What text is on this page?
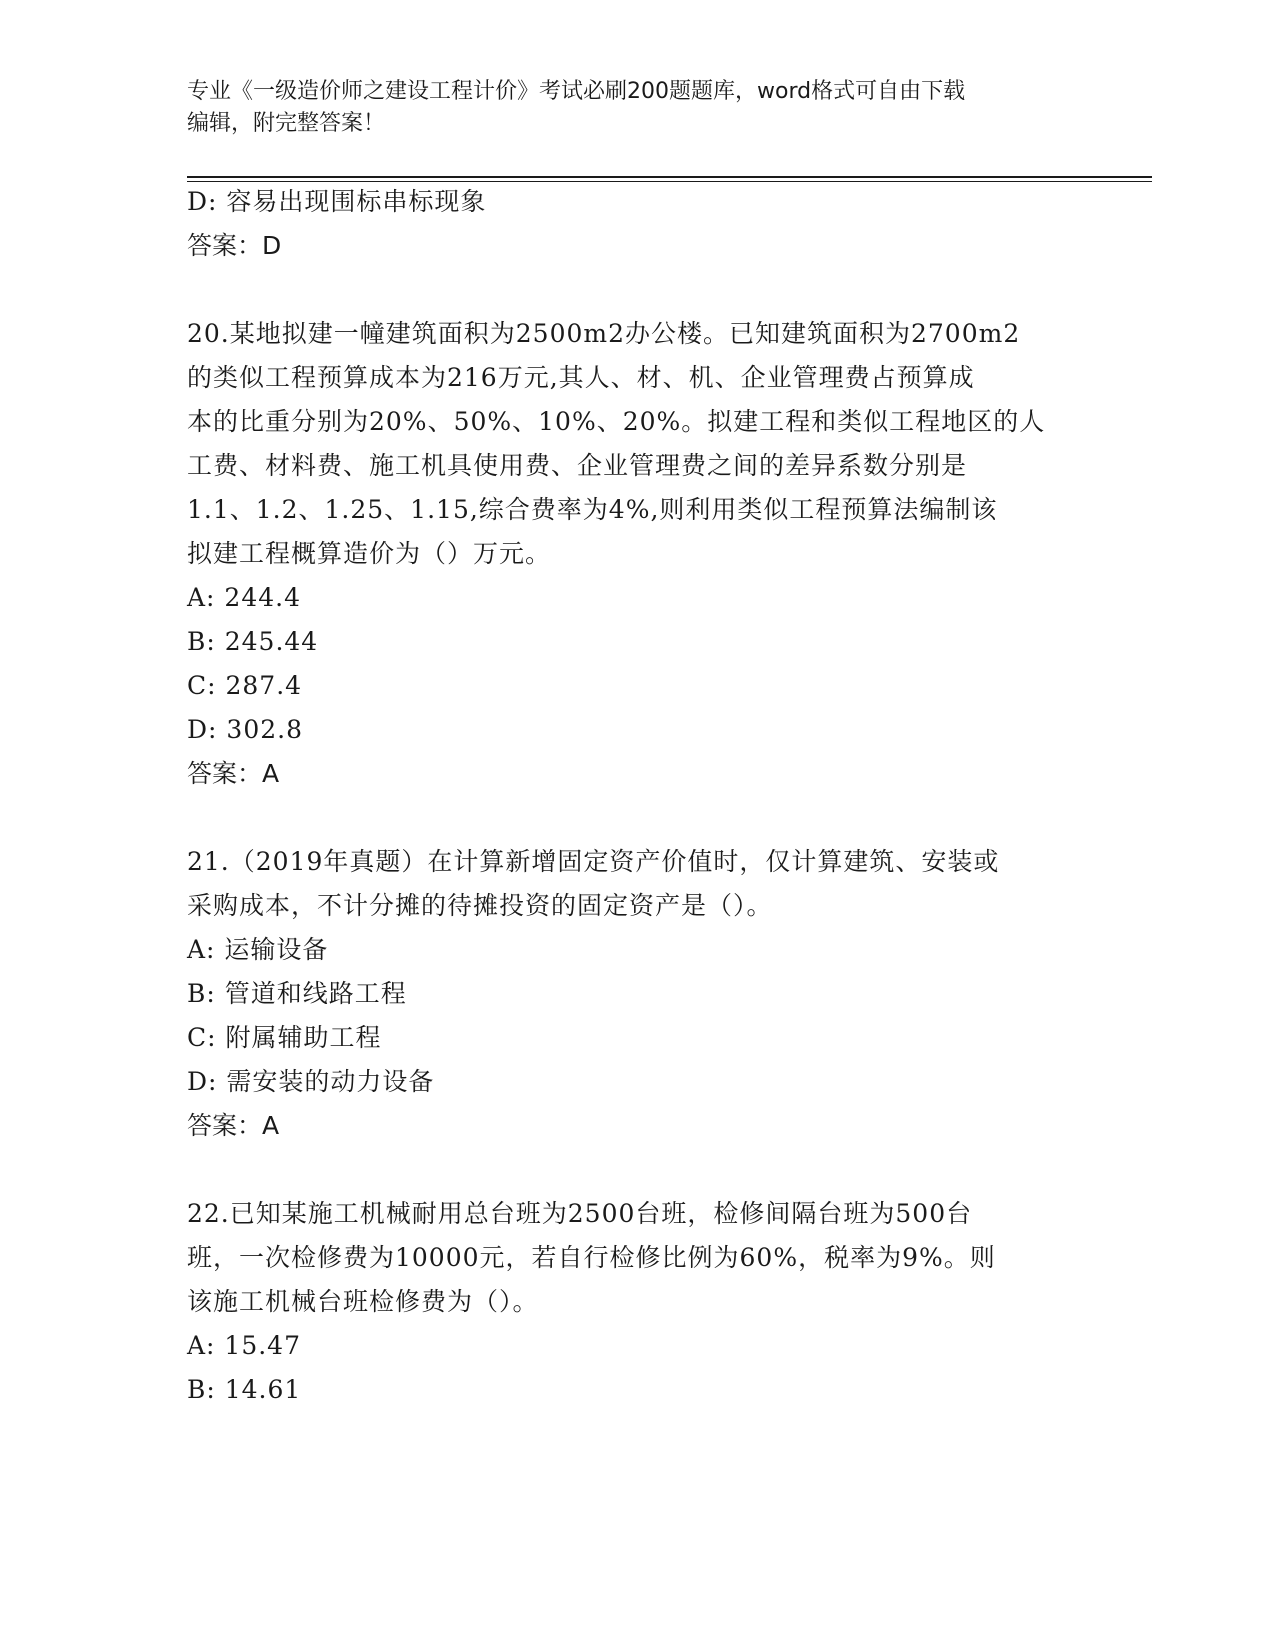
专业《一级造价师之建设工程计价》考试必刷200题题库，word格式可自由下载
编辑，附完整答案！
D: 容易出现围标串标现象
答案：D
20.某地拟建一幢建筑面积为2500m2办公楼。已知建筑面积为2700m2
的类似工程预算成本为216万元,其人、材、机、企业管理费占预算成
本的比重分别为20%、50%、10%、20%。拟建工程和类似工程地区的人
工费、材料费、施工机具使用费、企业管理费之间的差异系数分别是
1.1、1.2、1.25、1.15,综合费率为4%,则利用类似工程预算法编制该
拟建工程概算造价为（）万元。
A: 244.4
B: 245.44
C: 287.4
D: 302.8
答案：A
21.（2019年真题）在计算新增固定资产价值时，仅计算建筑、安装或
采购成本，不计分摊的待摊投资的固定资产是（）。
A: 运输设备
B: 管道和线路工程
C: 附属辅助工程
D: 需安装的动力设备
答案：A
22.已知某施工机械耐用总台班为2500台班，检修间隔台班为500台
班，一次检修费为10000元，若自行检修比例为60%，税率为9%。则
该施工机械台班检修费为（）。
A: 15.47
B: 14.61
